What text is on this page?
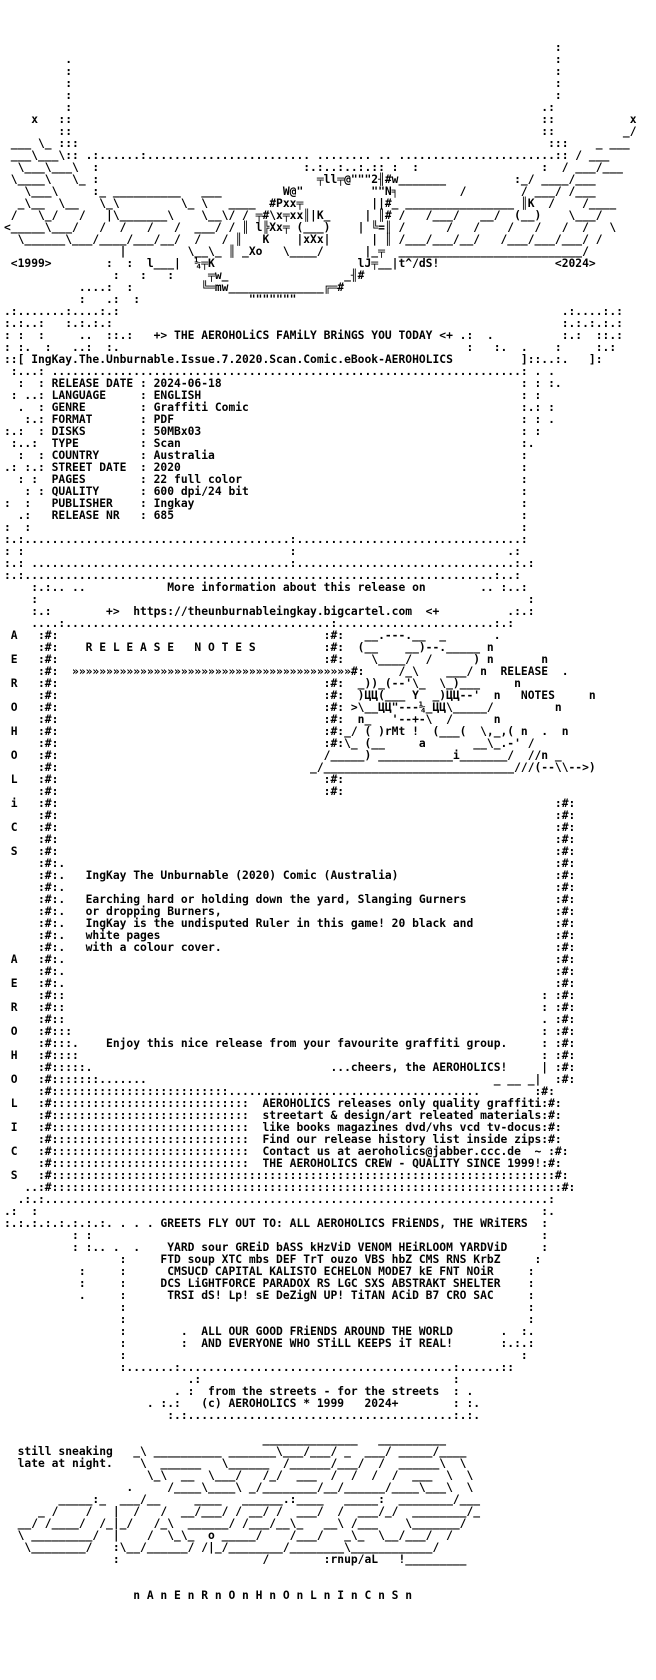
:
.                                                                       :
:                                                                       :
:                                                                       :
:                                                                       :
:                                                                     .:
x   ::                                                                     ::           x
::                                                                     ::          _/
___ \_ :::                                                                     :::    _ ___
___\___\:: .:......:........................ ........ .. .......................:: / ___
\___\___\  :                              :.:..:..:.:: :  :                  :  / ___/___
\____\   \_ :                                ╤ll╤@"""2╢#w_______          :_/ ____/___
\___\     :_ __________   ___         W@"          ""N╕         /        / ___/ /___
_\__  \__   \_\         \_ \   ____  #Pxx╤          ||#_ ________________ ║K  /    /____
/   \_/   /   |\_______\    \__\/ / ╤#\x╤xx║|K_     | ║# /   /___/   __/  (__)    \___/
<_____\___/   /  /   /   /  ___/ / ║ l╠Xx╤ (___)    | ╚=║ /      /   /    /   /   /  /   \
\______\___/____/___/__/  /   / ║   K    |xXx|      | ║ /___/___/__/   /___/___/___/ /
|         \__\_ ║ _Xo   \____/      |_╤  ___________________________/
<1999>        :  :  l___|  ¼╤K                     lJ╤__|t^/dS!                 <2024>
:   :   :     ╤w_                 _╢#
....:  :          ╚═mw______________╔═#
:   .:  :                """""""
.:.......:....:.:                                                                 .:....:.:
:.:..:   :.:.:.:                                                                  :.:.:.:.:
: :  :     ..  ::.:   +> THE AEROHOLiCS FAMiLY BRiNGS YOU TODAY <+ .:  .          :.:  ::.:
: :.  :   ..:  :.                                                   :   :.  .    :     :.:
::[ IngKay.The.Unburnable.Issue.7.2020.Scan.Comic.eBook-AEROHOLICS          ]::..:.   ]:
:...: .....................................................................: . .
:  : RELEASE DATE : 2024-06-18                                            : : :.
: ..: LANGUAGE     : ENGLISH                                               : :
.  : GENRE        : Graffiti Comic                                        :.: :
:.: FORMAT       : PDF                                                   : : .
:.:  : DISKS        : 50MBx03                                               : :
:..:  TYPE         : Scan                                                  :.
:  : COUNTRY      : Australia                                             :
.: :.: STREET DATE  : 2020                                                  :
: :  PAGES        : 22 full color                                         :
: : QUALITY      : 600 dpi/24 bit                                        :
:  :   PUBLISHER    : Ingkay                                                :
.:   RELEASE NR   : 685                                                   :
:  :                                                                        :
:.:.......................................:.................................:
: :                                       :                               .:
:.: ......................................:................................:.:
:.:.....................................................................:..:
:.:.. ..            More information about this release on        .. :..:
:                                                                        :
:.:        +>  https://theunburnableingkay.bigcartel.com  <+          .:.:
....:.......................................:.......................:.:
A   :#:                                       :#:   __.---.__  _       .
:#:    R E L E A S E   N O T E S          :#:  (__    __)--._____ n
E   :#:                                       :#:    \____/  /      ) n       n
:#:  »»»»»»»»»»»»»»»»»»»»»»»»»»»»»»»»»»»»»»»»»#:     /_\    ___/ n  RELEASE  .
R   :#:                                       :#:  _))_(--'\_  \_)___     n
:#:                                       :#:  )ЦЦ(___ Y  _)ЦЦ--'  n   NOTES     n
O   :#:                                       :#: >\__ЦЦ"---¼_ЦЦ\_____/         n
:#:                                       :#:  n_   '--+-\  /      n
H   :#:                                       :#:_/ ( )rMt !  (___(  \,_,( n  .  n
:#:                                       :#:\_ (__     a       __\_.-' /
O   :#:                                       /_____) ___________i_______/  //n _
:#:                                     _/____________________________///(--\\-->)
L   :#:                                       :#:
:#:                                       :#:
i   :#:                                                                         :#:
:#:                                                                         :#:
C   :#:                                                                         :#:
:#:                                                                         :#:
S   :#:                                                                         :#:
:#:.                                                                        :#:
:#:.   IngKay The Unburnable (2020) Comic (Australia)                       :#:
:#:.                                                                        :#:
:#:.   Earching hard or holding down the yard, Slanging Gurners             :#:
:#:.   or dropping Burners,                                                 :#:
:#:.   IngKay is the undisputed Ruler in this game! 20 black and            :#:
:#:.   white pages                                                          :#:
:#:.   with a colour cover.                                                 :#:
A   :#:.                                                                        :#:
:#:.                                                                        :#:
E   :#:.                                                                        :#:
:#::                                                                      : :#:
R   :#::                                                                      : :#:
:#::                                                                      . :#:
O   :#:::                                                                     : :#:
:#:::.    Enjoy this nice release from your favourite graffiti group.     : :#:
H   :#::::                                                                    : :#:
:#:::::.                                   ...cheers, the AEROHOLICS!     | :#:
O   :#:::::::.......                                                   _ __ _|  :#:
:#::::::::::::::::::::::::::.....................................        :#:
L   :#:::::::::::::::::::::::::::::  AEROHOLICS releases only quality graffiti:#:
:#:::::::::::::::::::::::::::::  streetart & design/art releated materials:#:
I   :#:::::::::::::::::::::::::::::  like books magazines dvd/vhs vcd tv-docus:#:
:#:::::::::::::::::::::::::::::  Find our release history list inside zips:#:
C   :#:::::::::::::::::::::::::::::  Contact us at aeroholics@jabber.ccc.de  ~ :#:
:#:::::::::::::::::::::::::::::  THE AEROHOLICS CREW - QUALITY SINCE 1999!:#:
S   :#::::::::::::::::::::::::::::::::::::::::::::::::::::::::::::::::::::::::::#:
..:#:::::::::::::::::::::::::::::::::::::::::::::::::::::::::::::::::::::::::::#:
.:.:..........................................................................:
.:  :                                                                          :.
:.:.:.:.:.:.:.:. . . . GREETS FLY OUT TO: ALL AEROHOLICS FRiENDS, THE WRiTERS  :
: :                                                                  :
: :.. .  .    YARD sour GREiD bASS kHzViD VENOM HEiRLOOM YARDViD     :
:     FTD soup XTC mbs DEF TrT ouzo VBS hbZ CMS RNS KrbZ     :
:     :      CMSUCD CAPITAL KALISTO ECHELON MODE7 kE FNT NOiR     :
:     :     DCS LiGHTFORCE PARADOX RS LGC SXS ABSTRAKT SHELTER    :
.     :      TRSI dS! Lp! sE DeZigN UP! TiTAN ACiD B7 CRO SAC     :
:                                                           :
:                                                           :
:        .  ALL OUR GOOD FRiENDS AROUND THE WORLD       .  :.
:        :  AND EVERYONE WHO STiLL KEEPS iT REAL!       :.:.:
:                                                          :
:.......:........................................:......::
.:                                     :
. :  from the streets - for the streets  : .
. :.:   (c) AEROHOLICS * 1999   2024+        : :.
:.:.......................................:.:.

______________   __________
still sneaking   _\ __________ _______\___/___/ _  ___/ _____/____
late at night.    \  ______   \______  /______/___/  /  ______\  \
\_\  __  \___/   /_/  ___  /  /  /  /  ___  \  \
.     /____\____\ _/________/__/______/____\___\  \
_____:_  ___/__     ____   ______.:____   _____:  ________/___
_ /    /   |  /   /  __/___/ / __/ /  ___/  /  ___/_/  ________/_
__/ /____/  /_|_/   /_\  ______/ /___/__\_   __\ /___    \_______/
\ _________/  |    /  \_\_  o _____/    /___/   _\_  \__/___/  /
\________/   :\__/______/ /|_/________/________\____________/
:                     /        :rnup/aL   !_________

n A n E n R n O n H n O n L n I n C n S n
